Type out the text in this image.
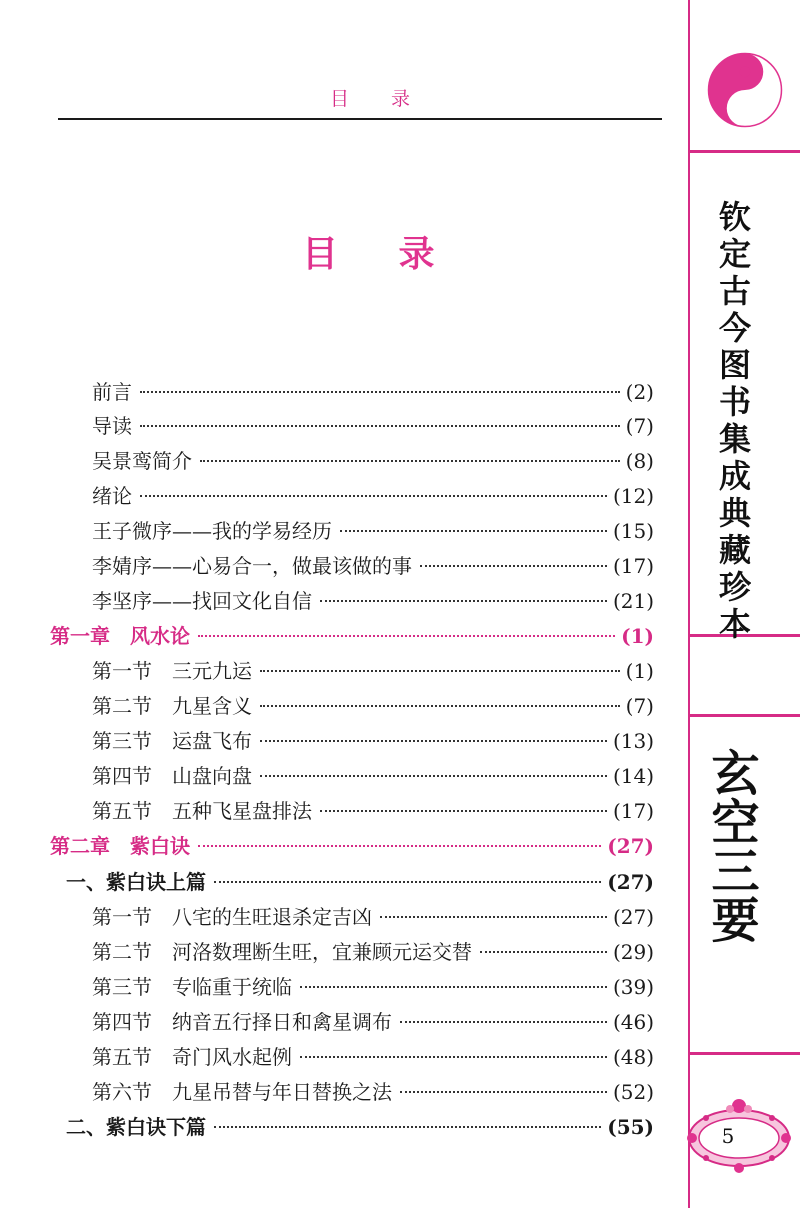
目 录
目 录
前言	(2)
导读	(7)
吴景鸾简介	(8)
绪论	(12)
王子微序——我的学易经历	(15)
李婧序——心易合一，做最该做的事	(17)
李坚序——找回文化自信	(21)
第一章 风水论	(1)
第一节 三元九运	(1)
第二节 九星含义	(7)
第三节 运盘飞布	(13)
第四节 山盘向盘	(14)
第五节 五种飞星盘排法	(17)
第二章 紫白诀	(27)
一、紫白诀上篇	(27)
第一节 八宅的生旺退杀定吉凶	(27)
第二节 河洛数理断生旺，宜兼顾元运交替	(29)
第三节 专临重于统临	(39)
第四节 纳音五行择日和禽星调布	(46)
第五节 奇门风水起例	(48)
第六节 九星吊替与年日替换之法	(52)
二、紫白诀下篇	(55)
钦定古今图书集成典藏珍本
玄空三要
5
